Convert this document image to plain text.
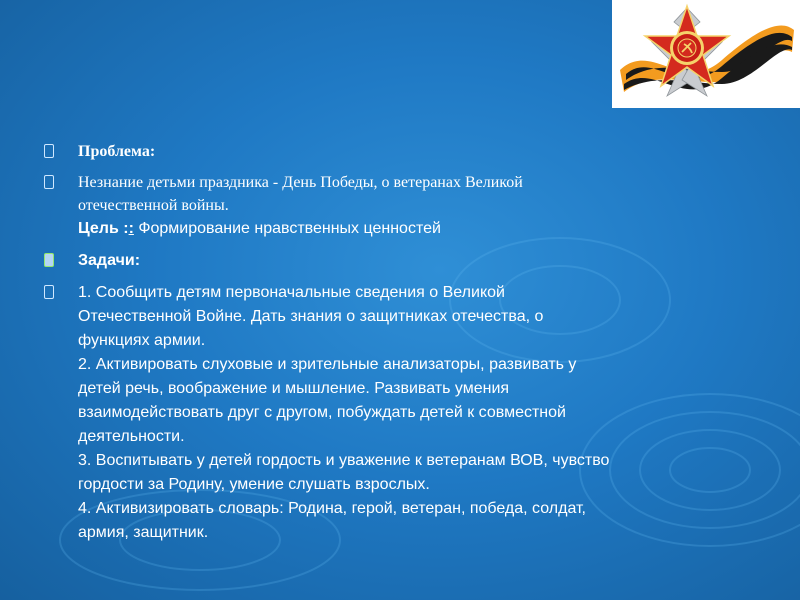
Проблема:
Незнание детьми праздника - День Победы, о ветеранах Великой
отечественной войны.
Цель :: Формирование нравственных ценностей
Задачи:
1. Сообщить детям первоначальные сведения о Великой
Отечественной Войне. Дать знания о защитниках отечества, о
функциях армии.
2. Активировать слуховые и зрительные анализаторы, развивать у
детей речь, воображение и мышление. Развивать умения
взаимодействовать друг с другом, побуждать детей к совместной
деятельности.
3. Воспитывать у детей гордость и уважение к ветеранам ВОВ, чувство
гордости за Родину, умение слушать взрослых.
4. Активизировать словарь: Родина, герой, ветеран, победа, солдат,
армия, защитник.
